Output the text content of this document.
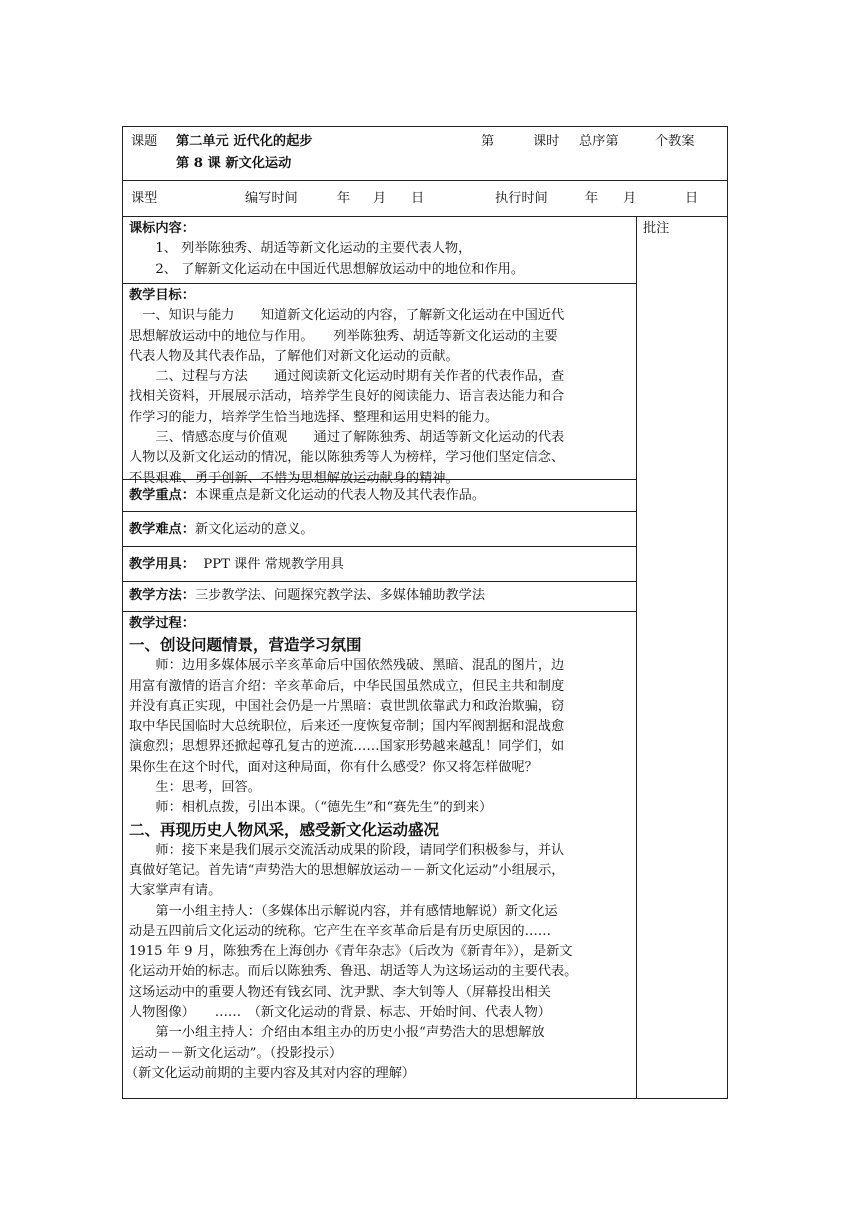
课题 第二单元 近代化的起步
第 8 课 新文化运动
第	课时 总序第	个教案
课型	编写时间	年 月 日	执行时间	年 月	日

课标内容：

1、 列举陈独秀、胡适等新文化运动的主要代表人物，

2、 了解新文化运动在中国近代思想解放运动中的地位和作用。

教学目标：

一、知识与能力　　知道新文化运动的内容，了解新文化运动在中国近代

思想解放运动中的地位与作用。　　列举陈独秀、胡适等新文化运动的主要

代表人物及其代表作品，了解他们对新文化运动的贡献。

二、过程与方法　　通过阅读新文化运动时期有关作者的代表作品，查

找相关资料，开展展示活动，培养学生良好的阅读能力、语言表达能力和合

作学习的能力，培养学生恰当地选择、整理和运用史料的能力。

三、情感态度与价值观　　通过了解陈独秀、胡适等新文化运动的代表

人物以及新文化运动的情况，能以陈独秀等人为榜样，学习他们坚定信念、

不畏艰难、勇于创新、不惜为思想解放运动献身的精神。

教学重点：本课重点是新文化运动的代表人物及其代表作品。
教学难点：新文化运动的意义。
教学用具： PPT 课件 常规教学用具
教学方法：三步教学法、问题探究教学法、多媒体辅助教学法

教学过程：

一、创设问题情景，营造学习氛围

师：边用多媒体展示辛亥革命后中国依然残破、黑暗、混乱的图片，边

用富有激情的语言介绍：辛亥革命后，中华民国虽然成立，但民主共和制度

并没有真正实现，中国社会仍是一片黑暗：袁世凯依靠武力和政治欺骗，窃

取中华民国临时大总统职位，后来还一度恢复帝制；国内军阀割据和混战愈

演愈烈；思想界还掀起尊孔复古的逆流……国家形势越来越乱！同学们，如

果你生在这个时代，面对这种局面，你有什么感受？你又将怎样做呢？

生：思考，回答。

师：相机点拨，引出本课。（“德先生”和“赛先生”的到来）

二、再现历史人物风采，感受新文化运动盛况

师：接下来是我们展示交流活动成果的阶段，请同学们积极参与，并认

真做好笔记。首先请“声势浩大的思想解放运动－－新文化运动”小组展示，

大家掌声有请。

第一小组主持人：（多媒体出示解说内容，并有感情地解说）新文化运

动是五四前后文化运动的统称。它产生在辛亥革命后是有历史原因的……

1915 年 9 月，陈独秀在上海创办《青年杂志》（后改为《新青年》），是新文

化运动开始的标志。而后以陈独秀、鲁迅、胡适等人为这场运动的主要代表。

这场运动中的重要人物还有钱玄同、沈尹默、李大钊等人（屏幕投出相关

人物图像）　　……　（新文化运动的背景、标志、开始时间、代表人物）

第一小组主持人：介绍由本组主办的历史小报“声势浩大的思想解放

运动－－新文化运动”。（投影投示）

（新文化运动前期的主要内容及其对内容的理解）

批注
